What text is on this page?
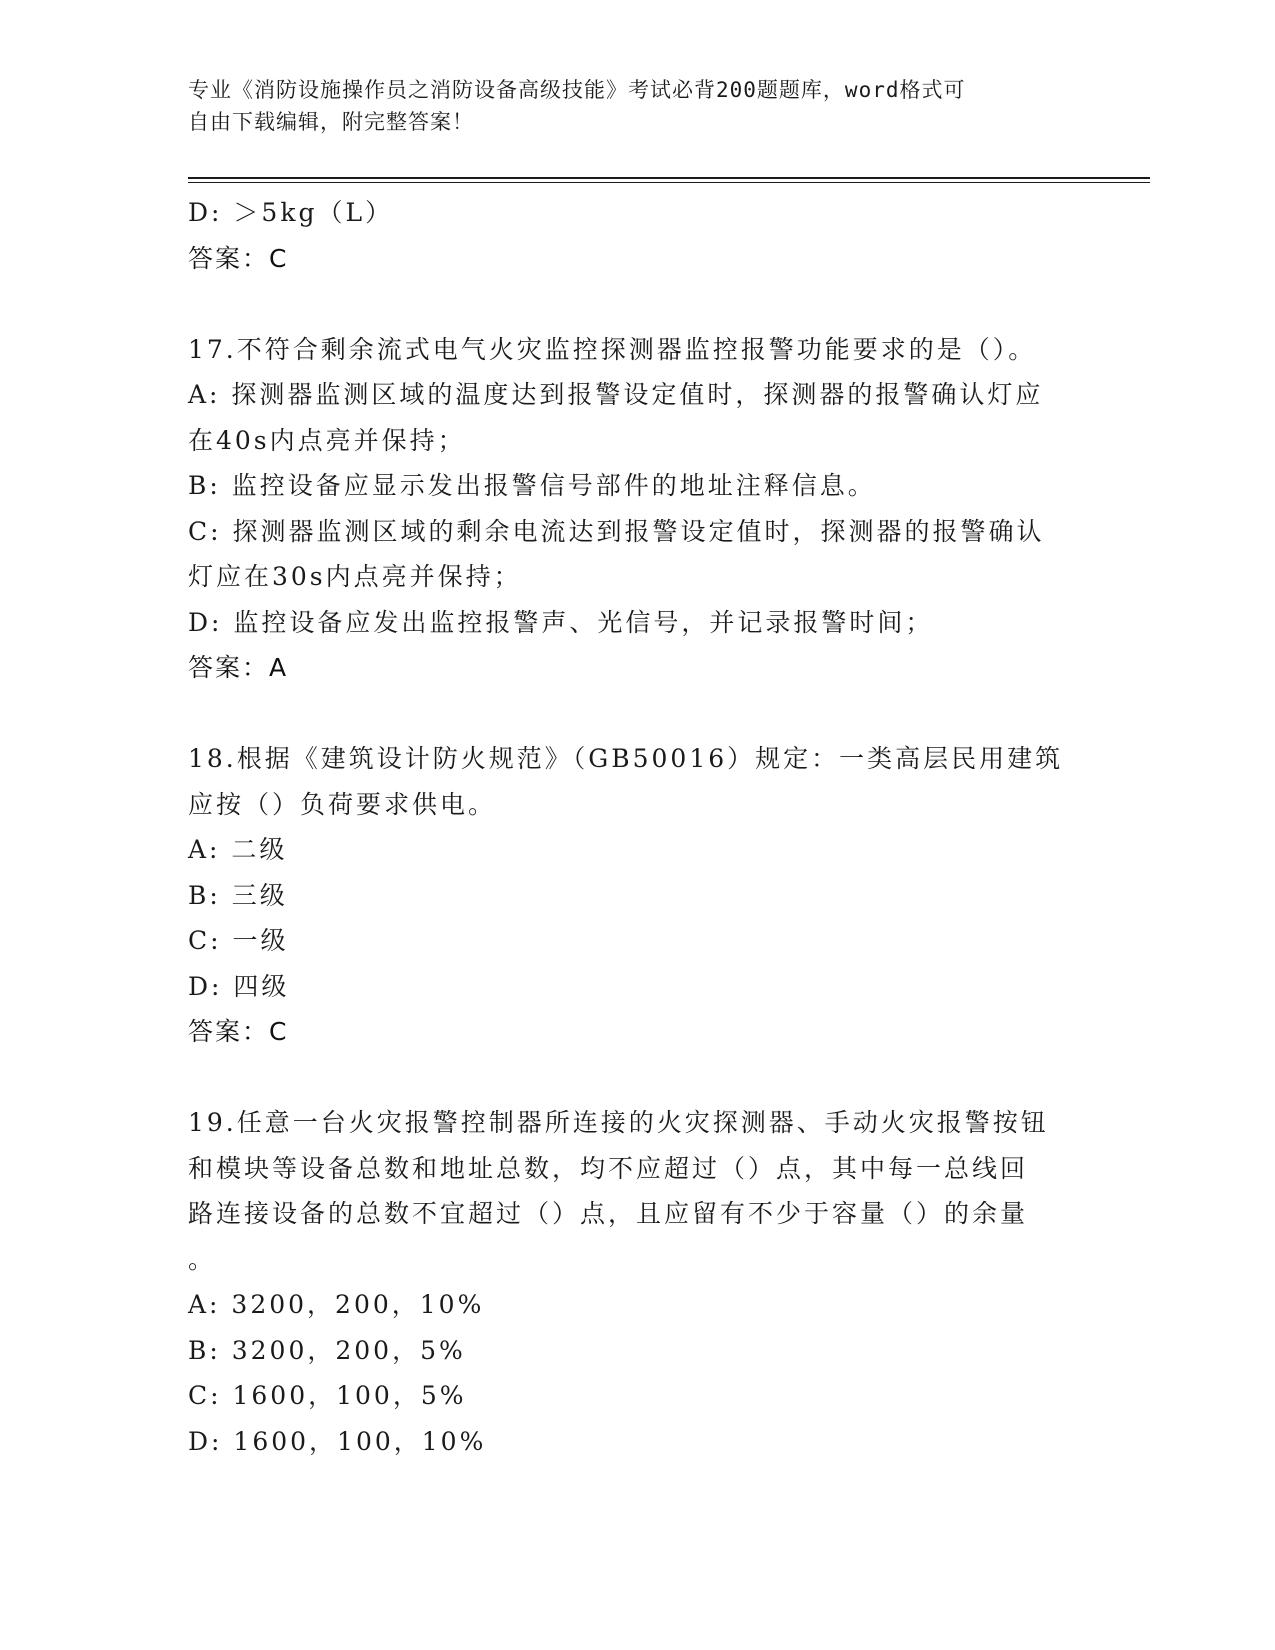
专业《消防设施操作员之消防设备高级技能》考试必背200题题库，word格式可
自由下载编辑，附完整答案！
D: ＞5kg（L）
答案：C
17.不符合剩余流式电气火灾监控探测器监控报警功能要求的是（）。
A: 探测器监测区域的温度达到报警设定值时，探测器的报警确认灯应
在40s内点亮并保持；
B: 监控设备应显示发出报警信号部件的地址注释信息。
C: 探测器监测区域的剩余电流达到报警设定值时，探测器的报警确认
灯应在30s内点亮并保持；
D: 监控设备应发出监控报警声、光信号，并记录报警时间；
答案：A
18.根据《建筑设计防火规范》（GB50016）规定：一类高层民用建筑
应按（）负荷要求供电。
A: 二级
B: 三级
C: 一级
D: 四级
答案：C
19.任意一台火灾报警控制器所连接的火灾探测器、手动火灾报警按钮
和模块等设备总数和地址总数，均不应超过（）点，其中每一总线回
路连接设备的总数不宜超过（）点，且应留有不少于容量（）的余量
。
A: 3200，200，10%
B: 3200，200，5%
C: 1600，100，5%
D: 1600，100，10%
